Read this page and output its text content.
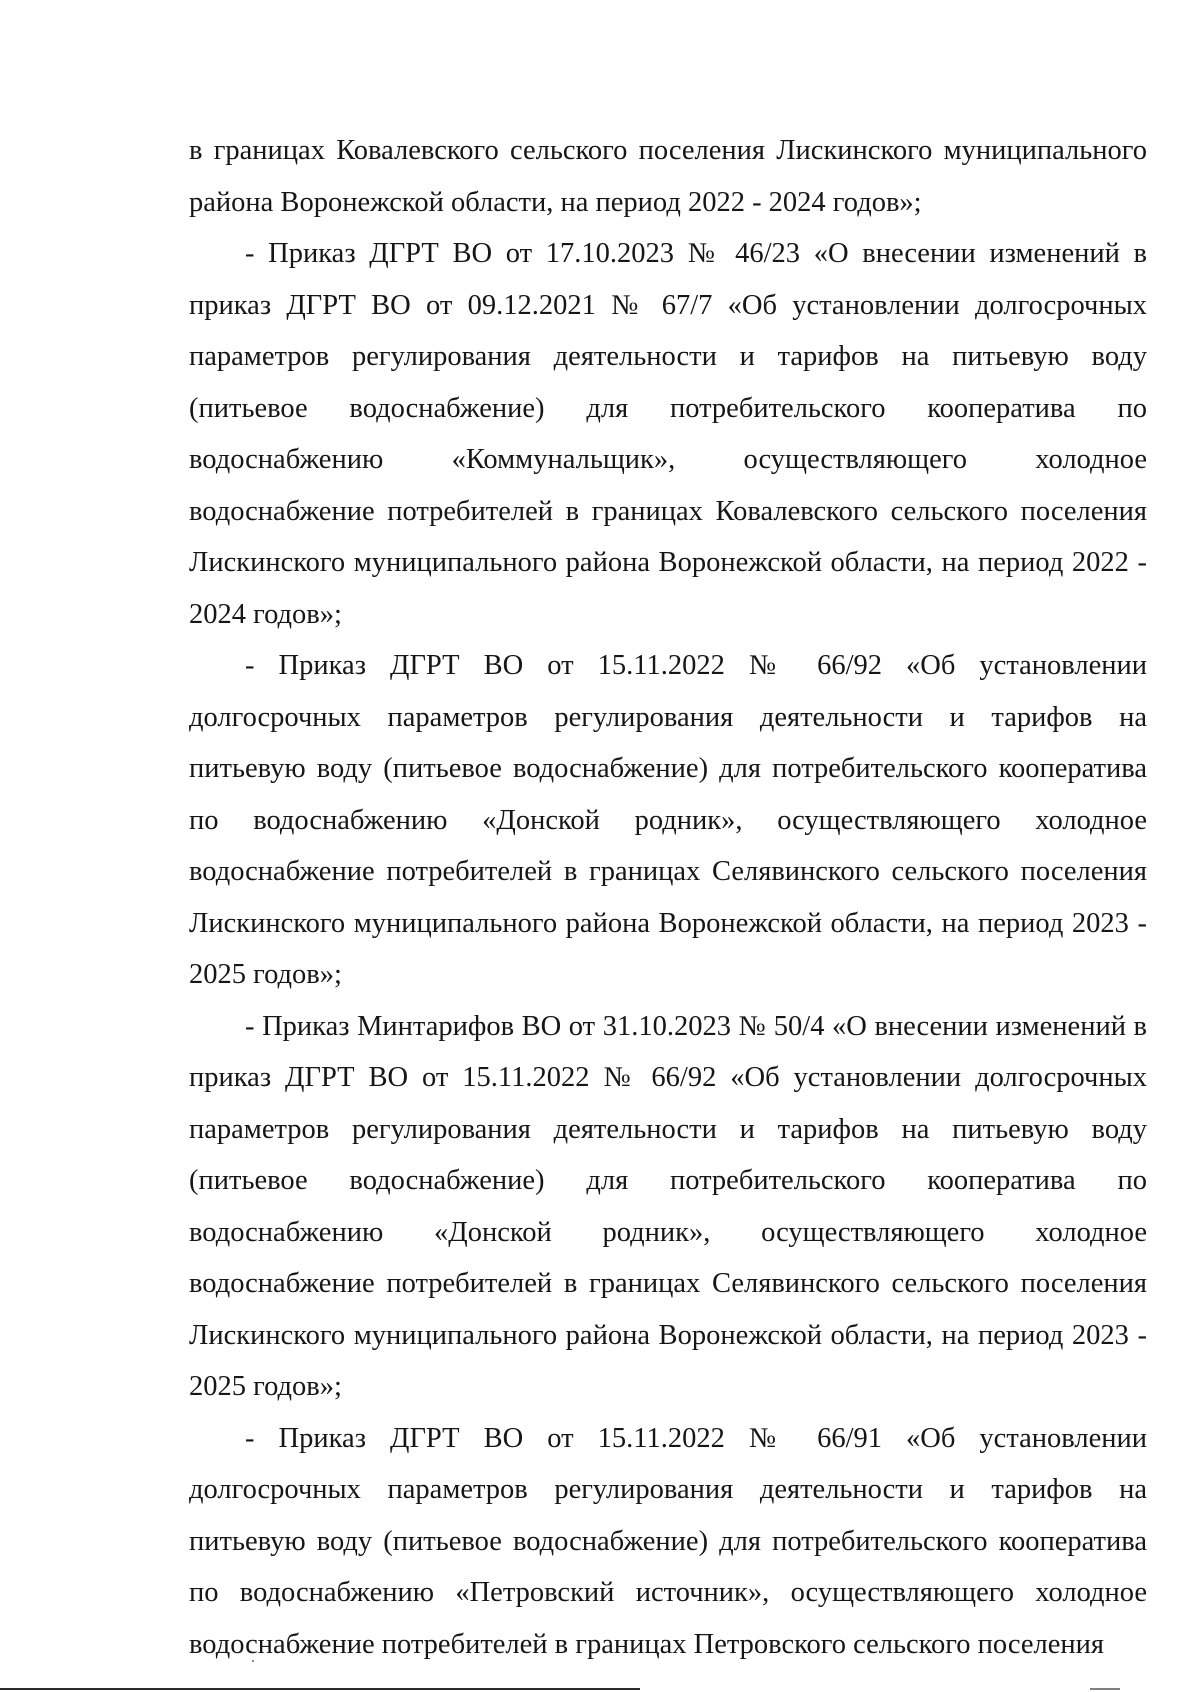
в границах Ковалевского сельского поселения Лискинского муниципального района Воронежской области, на период 2022 - 2024 годов»;

- Приказ ДГРТ ВО от 17.10.2023 № 46/23 «О внесении изменений в приказ ДГРТ ВО от 09.12.2021 № 67/7 «Об установлении долгосрочных параметров регулирования деятельности и тарифов на питьевую воду (питьевое водоснабжение) для потребительского кооператива по водоснабжению «Коммунальщик», осуществляющего холодное водоснабжение потребителей в границах Ковалевского сельского поселения Лискинского муниципального района Воронежской области, на период 2022 - 2024 годов»;

- Приказ ДГРТ ВО от 15.11.2022 № 66/92 «Об установлении долгосрочных параметров регулирования деятельности и тарифов на питьевую воду (питьевое водоснабжение) для потребительского кооператива по водоснабжению «Донской родник», осуществляющего холодное водоснабжение потребителей в границах Селявинского сельского поселения Лискинского муниципального района Воронежской области, на период 2023 - 2025 годов»;

- Приказ Минтарифов ВО от 31.10.2023 № 50/4 «О внесении изменений в приказ ДГРТ ВО от 15.11.2022 № 66/92 «Об установлении долгосрочных параметров регулирования деятельности и тарифов на питьевую воду (питьевое водоснабжение) для потребительского кооператива по водоснабжению «Донской родник», осуществляющего холодное водоснабжение потребителей в границах Селявинского сельского поселения Лискинского муниципального района Воронежской области, на период 2023 - 2025 годов»;

- Приказ ДГРТ ВО от 15.11.2022 № 66/91 «Об установлении долгосрочных параметров регулирования деятельности и тарифов на питьевую воду (питьевое водоснабжение) для потребительского кооператива по водоснабжению «Петровский источник», осуществляющего холодное водоснабжение потребителей в границах Петровского сельского поселения
